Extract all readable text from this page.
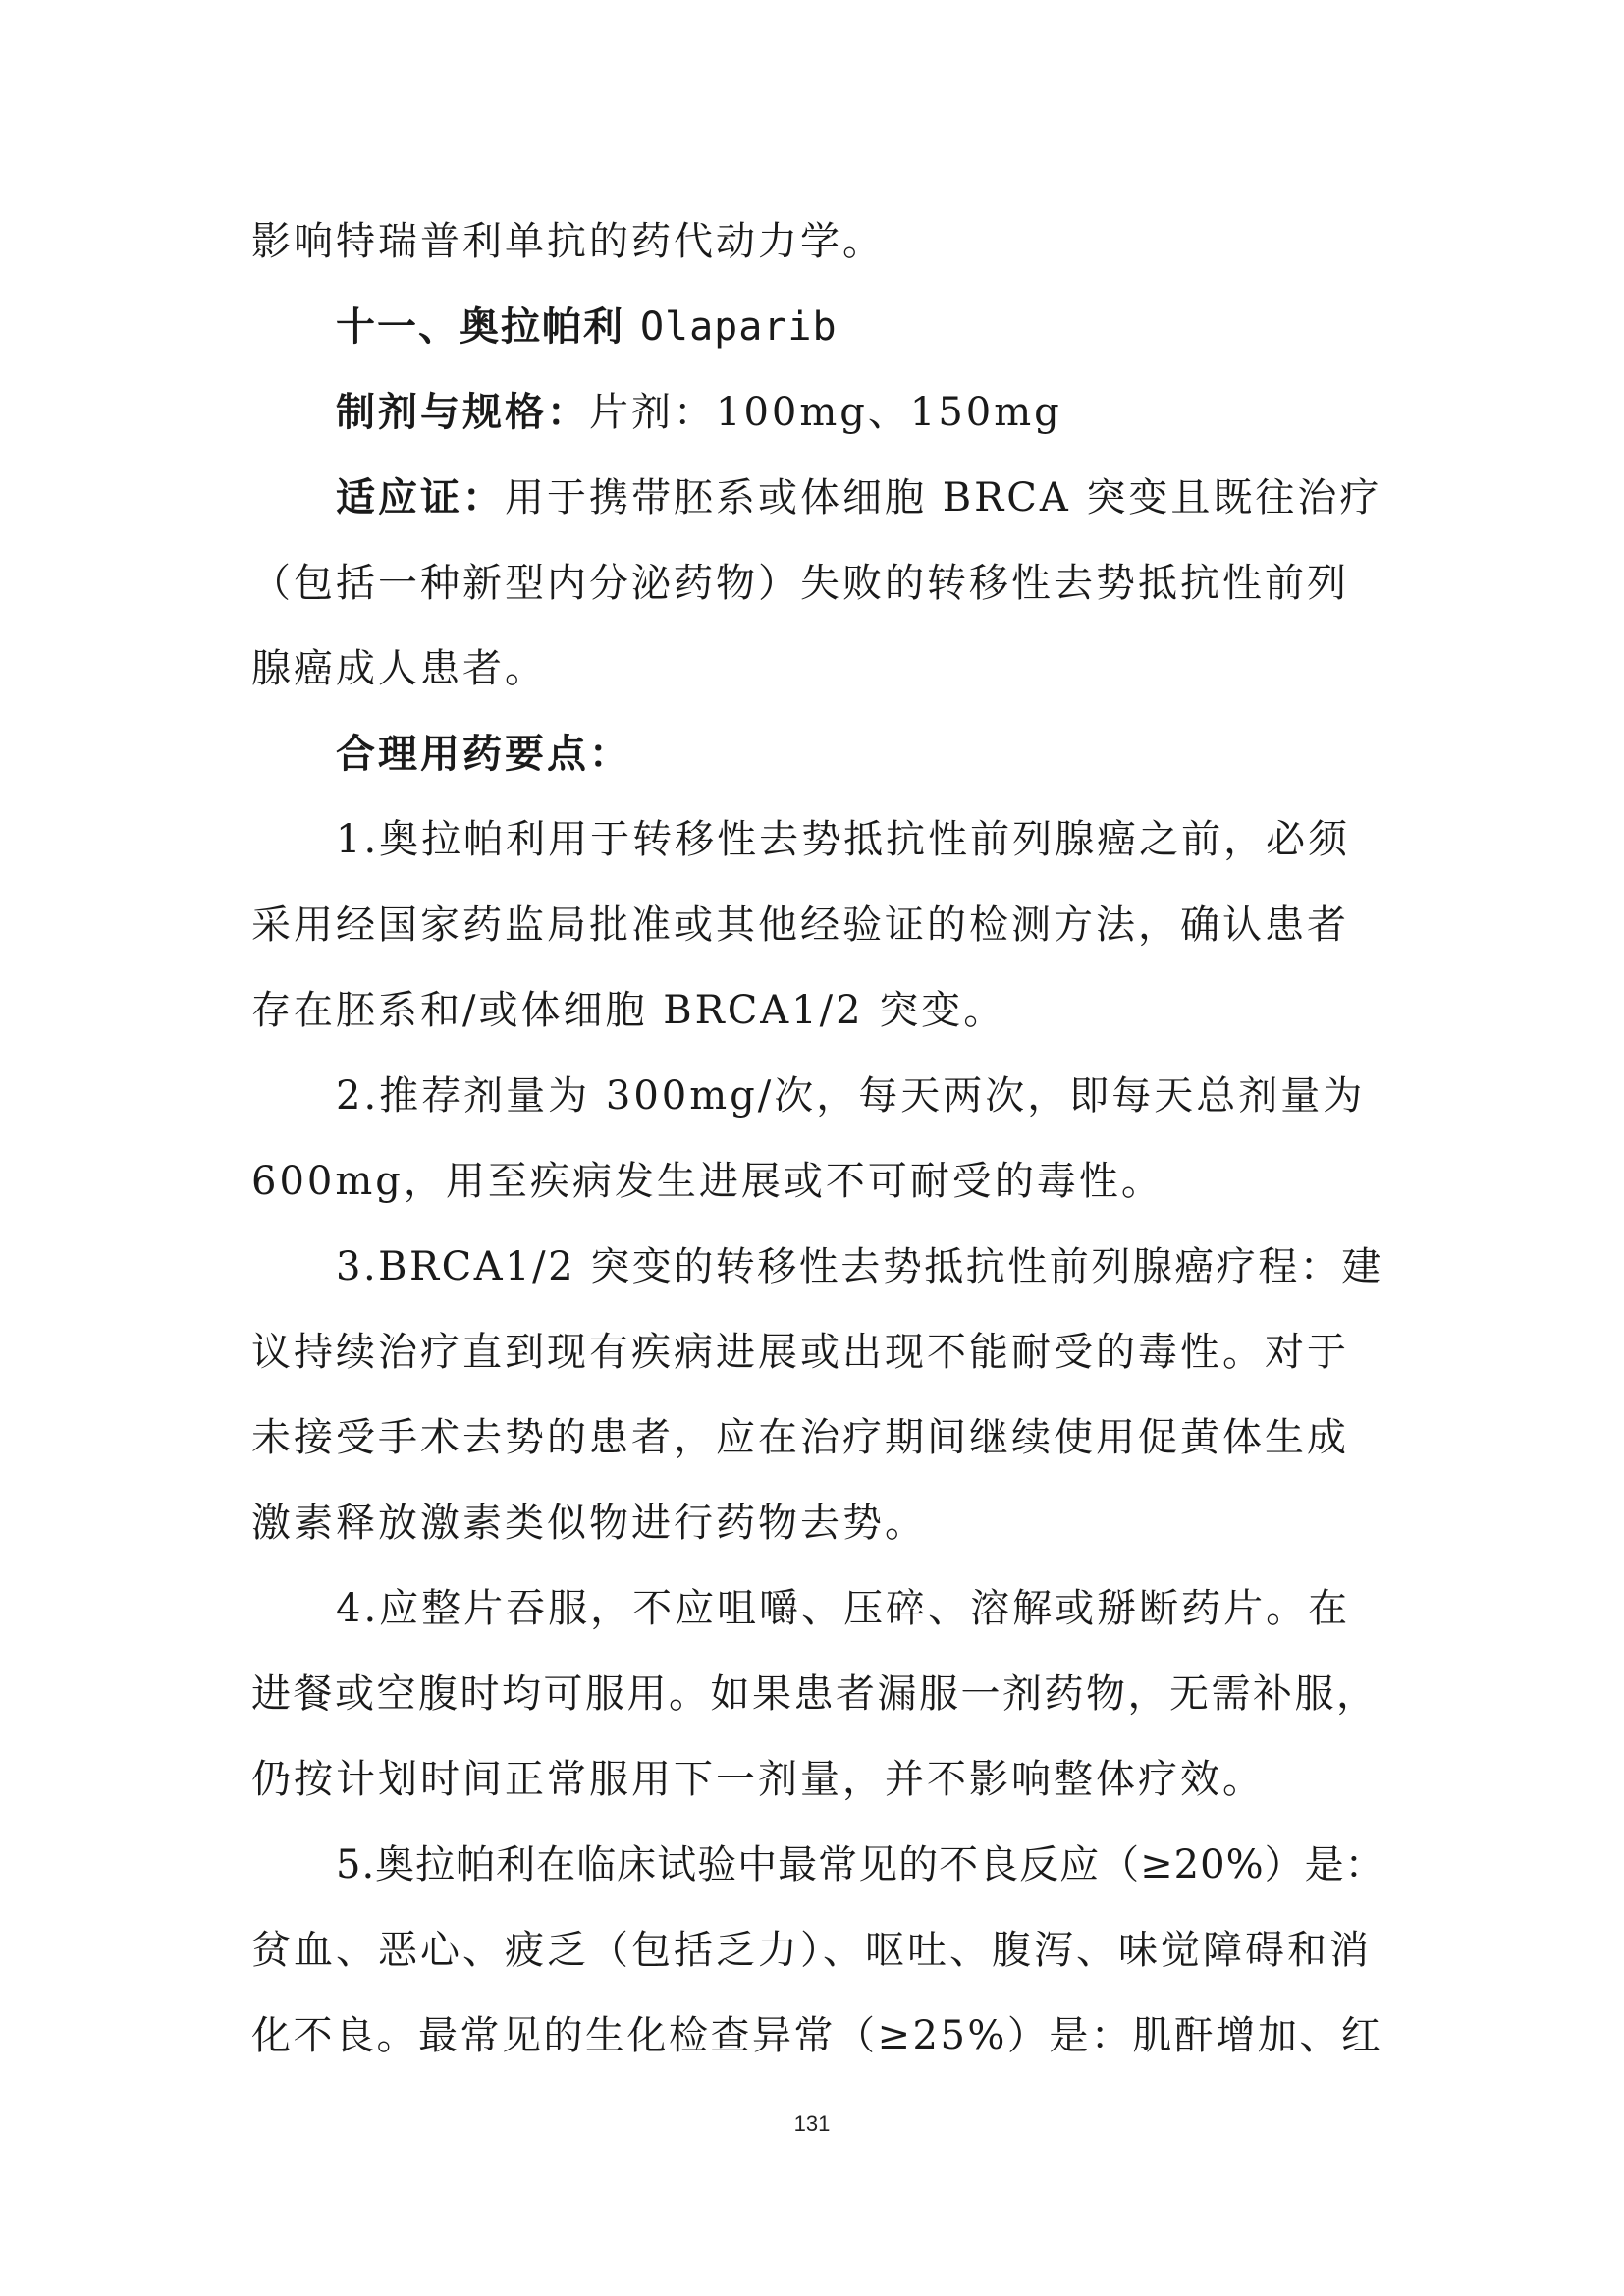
影响特瑞普利单抗的药代动力学。
十一、奥拉帕利 Olaparib
制剂与规格：片剂：100mg、150mg
适应证：用于携带胚系或体细胞 BRCA 突变且既往治疗
（包括一种新型内分泌药物）失败的转移性去势抵抗性前列
腺癌成人患者。
合理用药要点：
1.奥拉帕利用于转移性去势抵抗性前列腺癌之前，必须
采用经国家药监局批准或其他经验证的检测方法，确认患者
存在胚系和/或体细胞 BRCA1/2 突变。
2.推荐剂量为 300mg/次，每天两次，即每天总剂量为
600mg，用至疾病发生进展或不可耐受的毒性。
3.BRCA1/2 突变的转移性去势抵抗性前列腺癌疗程：建
议持续治疗直到现有疾病进展或出现不能耐受的毒性。对于
未接受手术去势的患者，应在治疗期间继续使用促黄体生成
激素释放激素类似物进行药物去势。
4.应整片吞服，不应咀嚼、压碎、溶解或掰断药片。在
进餐或空腹时均可服用。如果患者漏服一剂药物，无需补服，
仍按计划时间正常服用下一剂量，并不影响整体疗效。
5.奥拉帕利在临床试验中最常见的不良反应（≥20%）是：
贫血、恶心、疲乏（包括乏力）、呕吐、腹泻、味觉障碍和消
化不良。最常见的生化检查异常（≥25%）是：肌酐增加、红
131
